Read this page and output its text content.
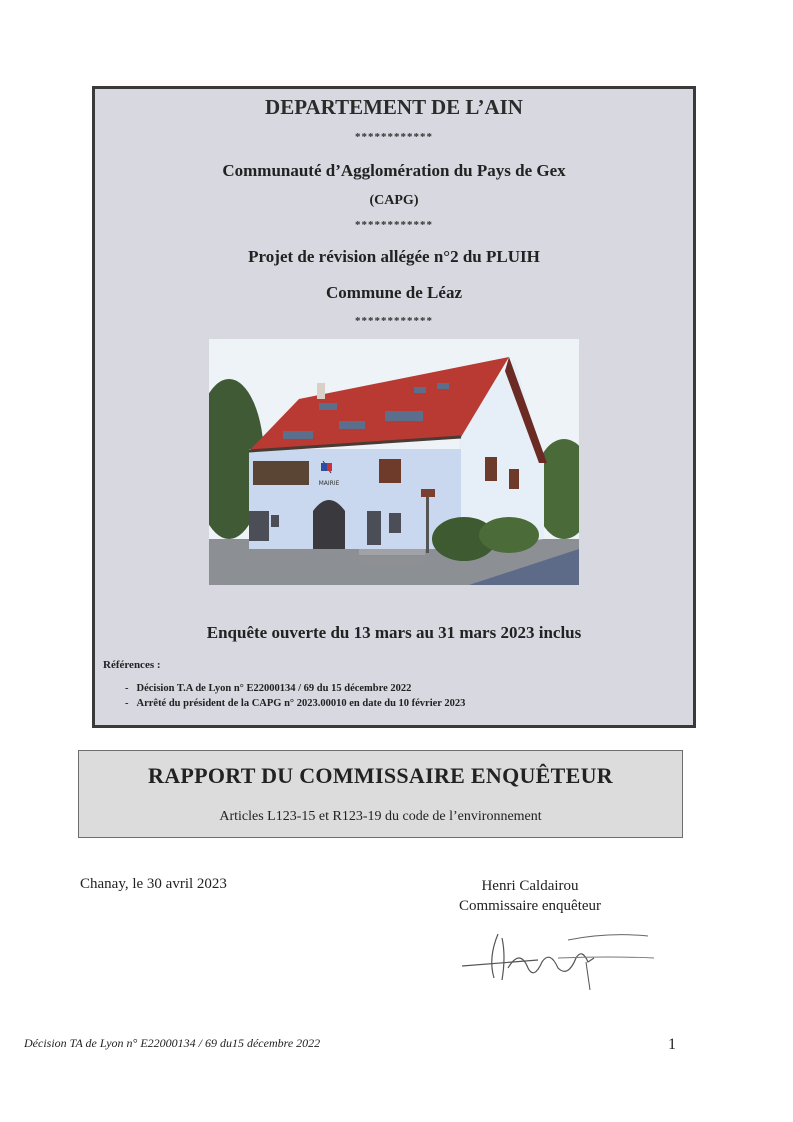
DEPARTEMENT DE L’AIN
************
Communauté d’Agglomération du Pays de Gex
(CAPG)
************
Projet de révision allégée n°2 du PLUIH
Commune de Léaz
************
MAIRIE
Enquête ouverte du 13 mars au 31 mars 2023 inclus
Références :
- Décision T.A de Lyon n° E22000134 / 69 du 15 décembre 2022
- Arrêté du président de la CAPG n° 2023.00010 en date du 10 février 2023
RAPPORT DU COMMISSAIRE ENQUÊTEUR
Articles L123-15 et R123-19 du code de l’environnement
Chanay, le 30 avril 2023	Henri Caldairou
Commissaire enquêteur
Décision TA de Lyon n° E22000134 / 69 du15 décembre 2022	1
